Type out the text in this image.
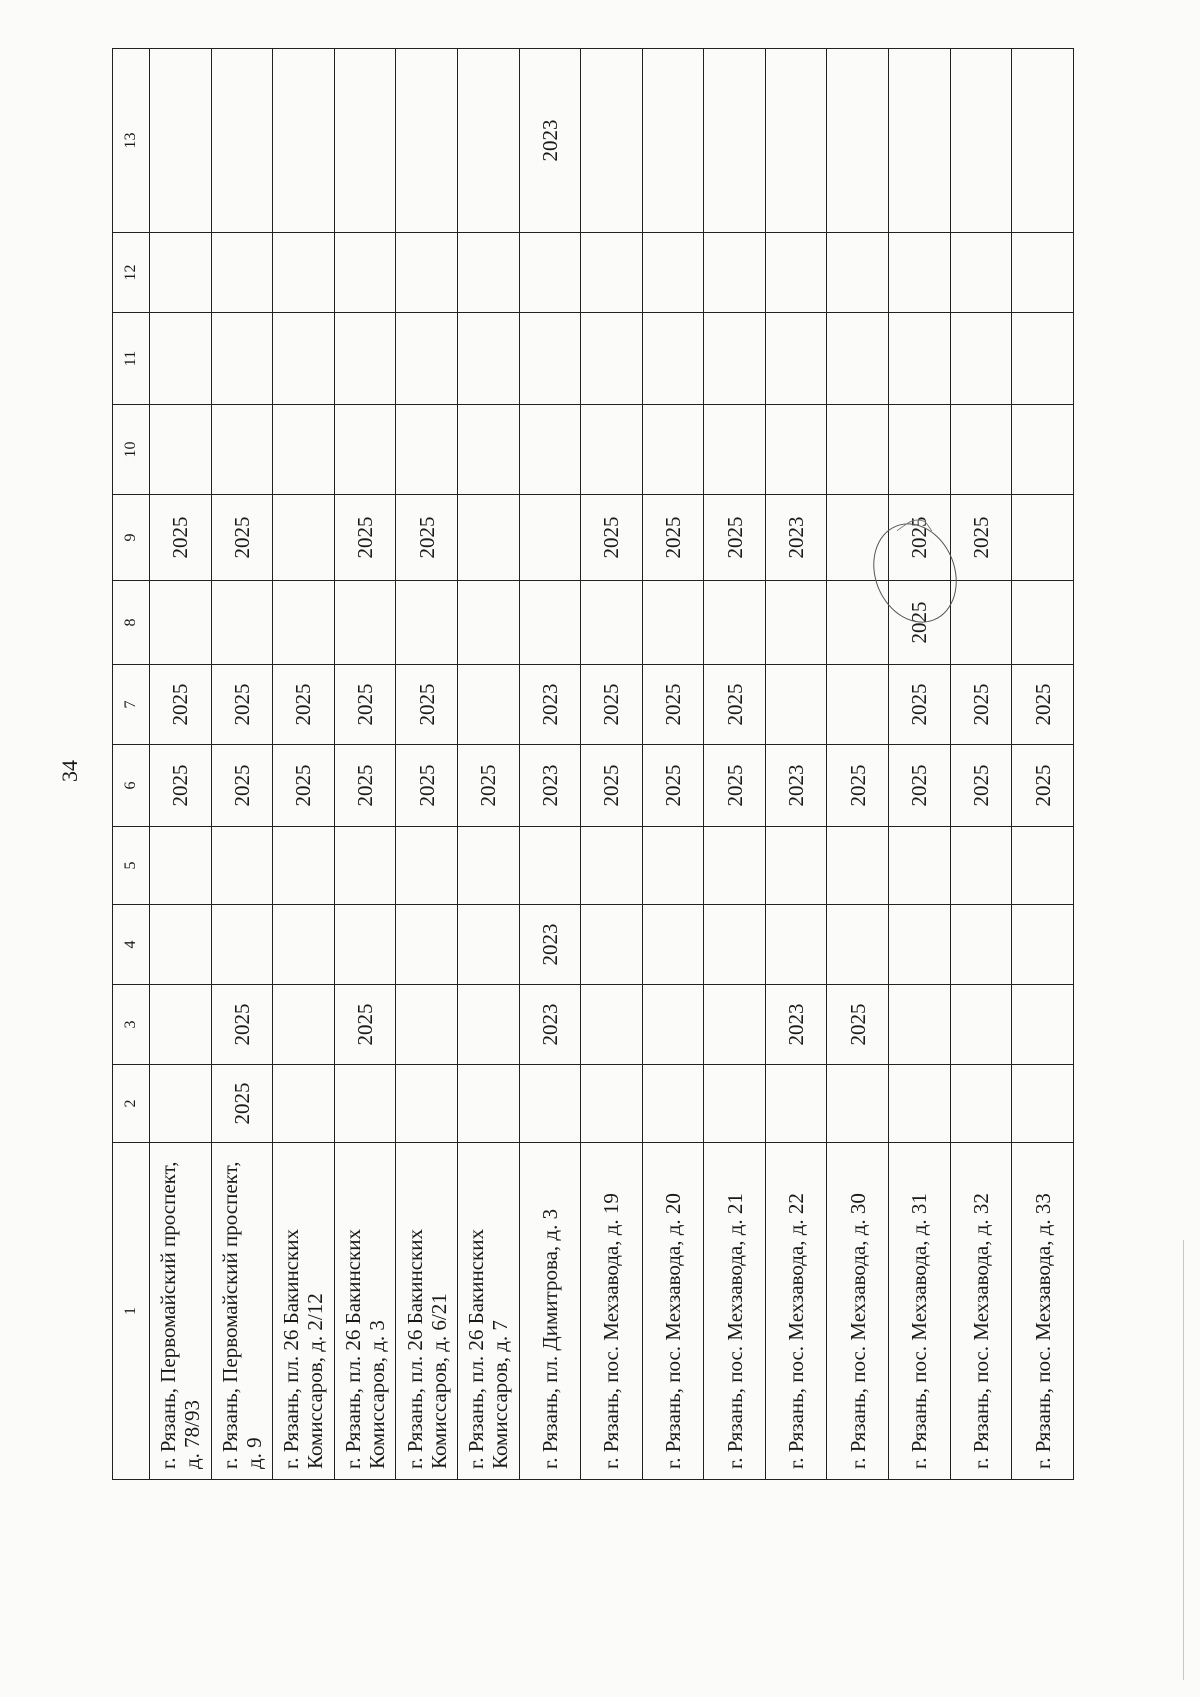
34
1	2	3	4	5	6	7	8	9	10	11	12	13
г. Рязань, Первомайский проспект, д. 78/93					2025	2025		2025				
г. Рязань, Первомайский проспект, д. 9	2025	2025			2025	2025		2025				
г. Рязань, пл. 26 Бакинских Комиссаров, д. 2/12					2025	2025						
г. Рязань, пл. 26 Бакинских Комиссаров, д. 3		2025			2025	2025		2025				
г. Рязань, пл. 26 Бакинских Комиссаров, д. 6/21					2025	2025		2025				
г. Рязань, пл. 26 Бакинских Комиссаров, д. 7					2025							
г. Рязань, пл. Димитрова, д. 3		2023	2023		2023	2023						2023
г. Рязань, пос. Мехзавода, д. 19					2025	2025		2025				
г. Рязань, пос. Мехзавода, д. 20					2025	2025		2025				
г. Рязань, пос. Мехзавода, д. 21					2025	2025		2025				
г. Рязань, пос. Мехзавода, д. 22		2023			2023			2023				
г. Рязань, пос. Мехзавода, д. 30		2025			2025							
г. Рязань, пос. Мехзавода, д. 31					2025	2025	2025	2025				
г. Рязань, пос. Мехзавода, д. 32					2025	2025		2025				
г. Рязань, пос. Мехзавода, д. 33					2025	2025						
